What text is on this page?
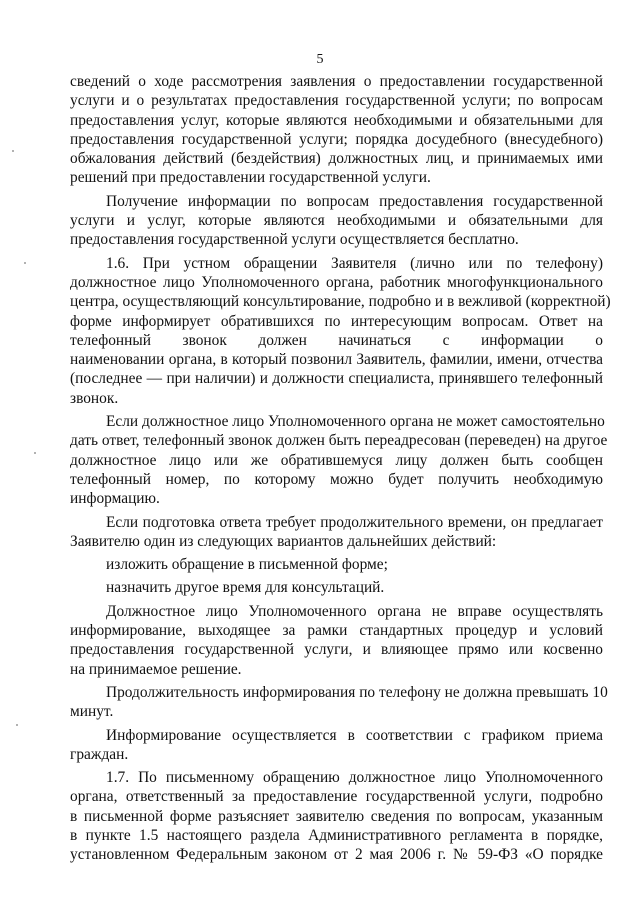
5
сведений о ходе рассмотрения заявления о предоставлении государственной
услуги и о результатах предоставления государственной услуги; по вопросам
предоставления услуг, которые являются необходимыми и обязательными для
предоставления государственной услуги; порядка досудебного (внесудебного)
обжалования действий (бездействия) должностных лиц, и принимаемых ими
решений при предоставлении государственной услуги.
Получение информации по вопросам предоставления государственной
услуги и услуг, которые являются необходимыми и обязательными для
предоставления государственной услуги осуществляется бесплатно.
1.6. При устном обращении Заявителя (лично или по телефону)
должностное лицо Уполномоченного органа, работник многофункционального
центра, осуществляющий консультирование, подробно и в вежливой (корректной)
форме информирует обратившихся по интересующим вопросам. Ответ на
телефонный звонок должен начинаться с информации о
наименовании органа, в который позвонил Заявитель, фамилии, имени, отчества
(последнее — при наличии) и должности специалиста, принявшего телефонный
звонок.
Если должностное лицо Уполномоченного органа не может самостоятельно
дать ответ, телефонный звонок должен быть переадресован (переведен) на другое
должностное лицо или же обратившемуся лицу должен быть сообщен
телефонный номер, по которому можно будет получить необходимую
информацию.
Если подготовка ответа требует продолжительного времени, он предлагает
Заявителю один из следующих вариантов дальнейших действий:
изложить обращение в письменной форме;
назначить другое время для консультаций.
Должностное лицо Уполномоченного органа не вправе осуществлять
информирование, выходящее за рамки стандартных процедур и условий
предоставления государственной услуги, и влияющее прямо или косвенно
на принимаемое решение.
Продолжительность информирования по телефону не должна превышать 10
минут.
Информирование осуществляется в соответствии с графиком приема
граждан.
1.7. По письменному обращению должностное лицо Уполномоченного
органа, ответственный за предоставление государственной услуги, подробно
в письменной форме разъясняет заявителю сведения по вопросам, указанным
в пункте 1.5 настоящего раздела Административного регламента в порядке,
установленном Федеральным законом от 2 мая 2006 г. № 59-ФЗ «О порядке
